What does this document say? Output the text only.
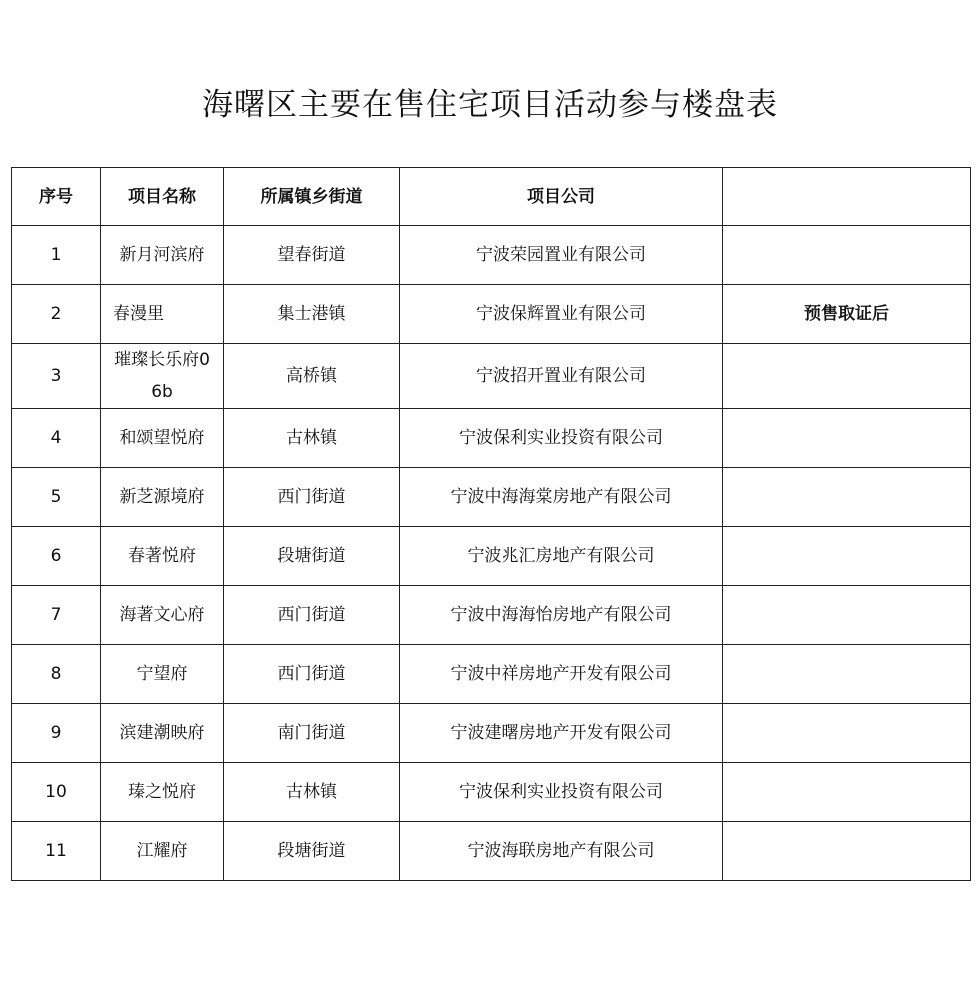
海曙区主要在售住宅项目活动参与楼盘表
序号	项目名称	所属镇乡街道	项目公司	
1	新月河滨府	望春街道	宁波荣园置业有限公司	
2	春漫里	集士港镇	宁波保辉置业有限公司	预售取证后
3	璀璨长乐府06b	高桥镇	宁波招开置业有限公司	
4	和颂望悦府	古林镇	宁波保利实业投资有限公司	
5	新芝源境府	西门街道	宁波中海海棠房地产有限公司	
6	春著悦府	段塘街道	宁波兆汇房地产有限公司	
7	海著文心府	西门街道	宁波中海海怡房地产有限公司	
8	宁望府	西门街道	宁波中祥房地产开发有限公司	
9	滨建潮映府	南门街道	宁波建曙房地产开发有限公司	
10	瑧之悦府	古林镇	宁波保利实业投资有限公司	
11	江耀府	段塘街道	宁波海联房地产有限公司	
